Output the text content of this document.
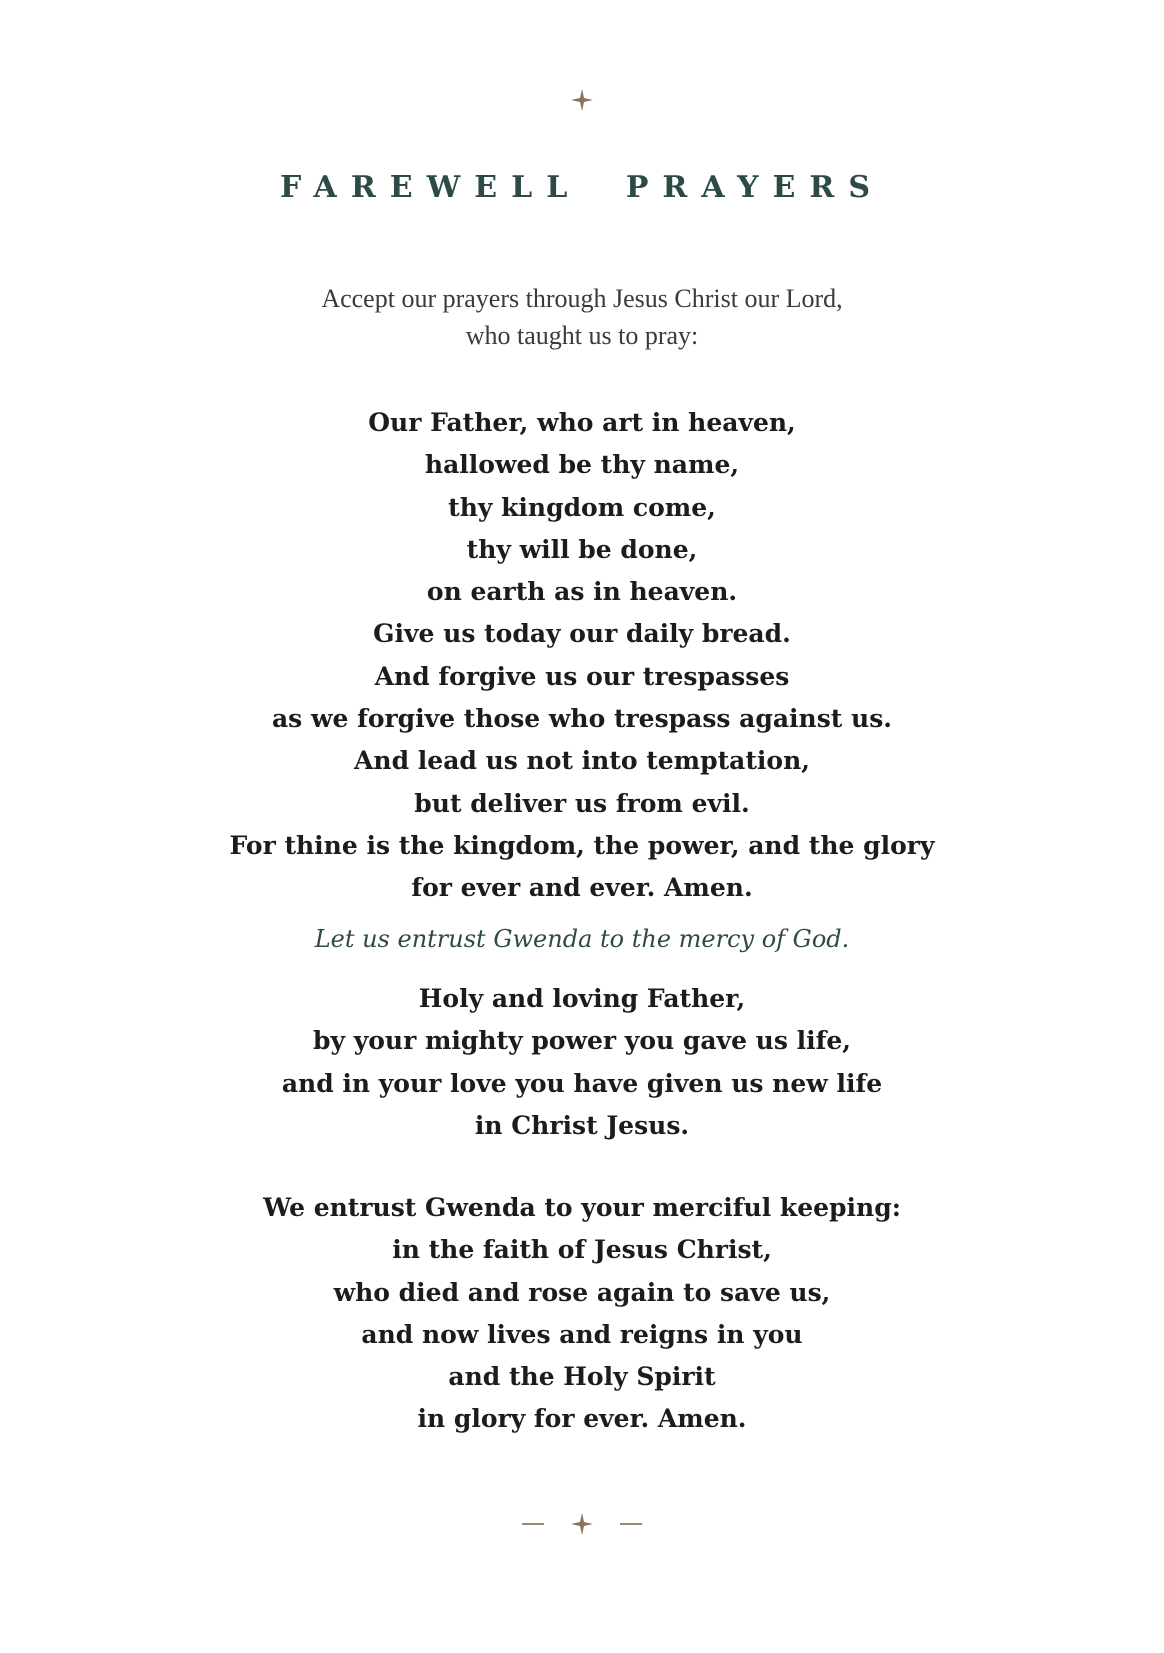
FAREWELL PRAYERS
Accept our prayers through Jesus Christ our Lord,
who taught us to pray:
Our Father, who art in heaven,
hallowed be thy name,
thy kingdom come,
thy will be done,
on earth as in heaven.
Give us today our daily bread.
And forgive us our trespasses
as we forgive those who trespass against us.
And lead us not into temptation,
but deliver us from evil.
For thine is the kingdom, the power, and the glory
for ever and ever. Amen.
Let us entrust Gwenda to the mercy of God.
Holy and loving Father,
by your mighty power you gave us life,
and in your love you have given us new life
in Christ Jesus.
We entrust Gwenda to your merciful keeping:
in the faith of Jesus Christ,
who died and rose again to save us,
and now lives and reigns in you
and the Holy Spirit
in glory for ever. Amen.
